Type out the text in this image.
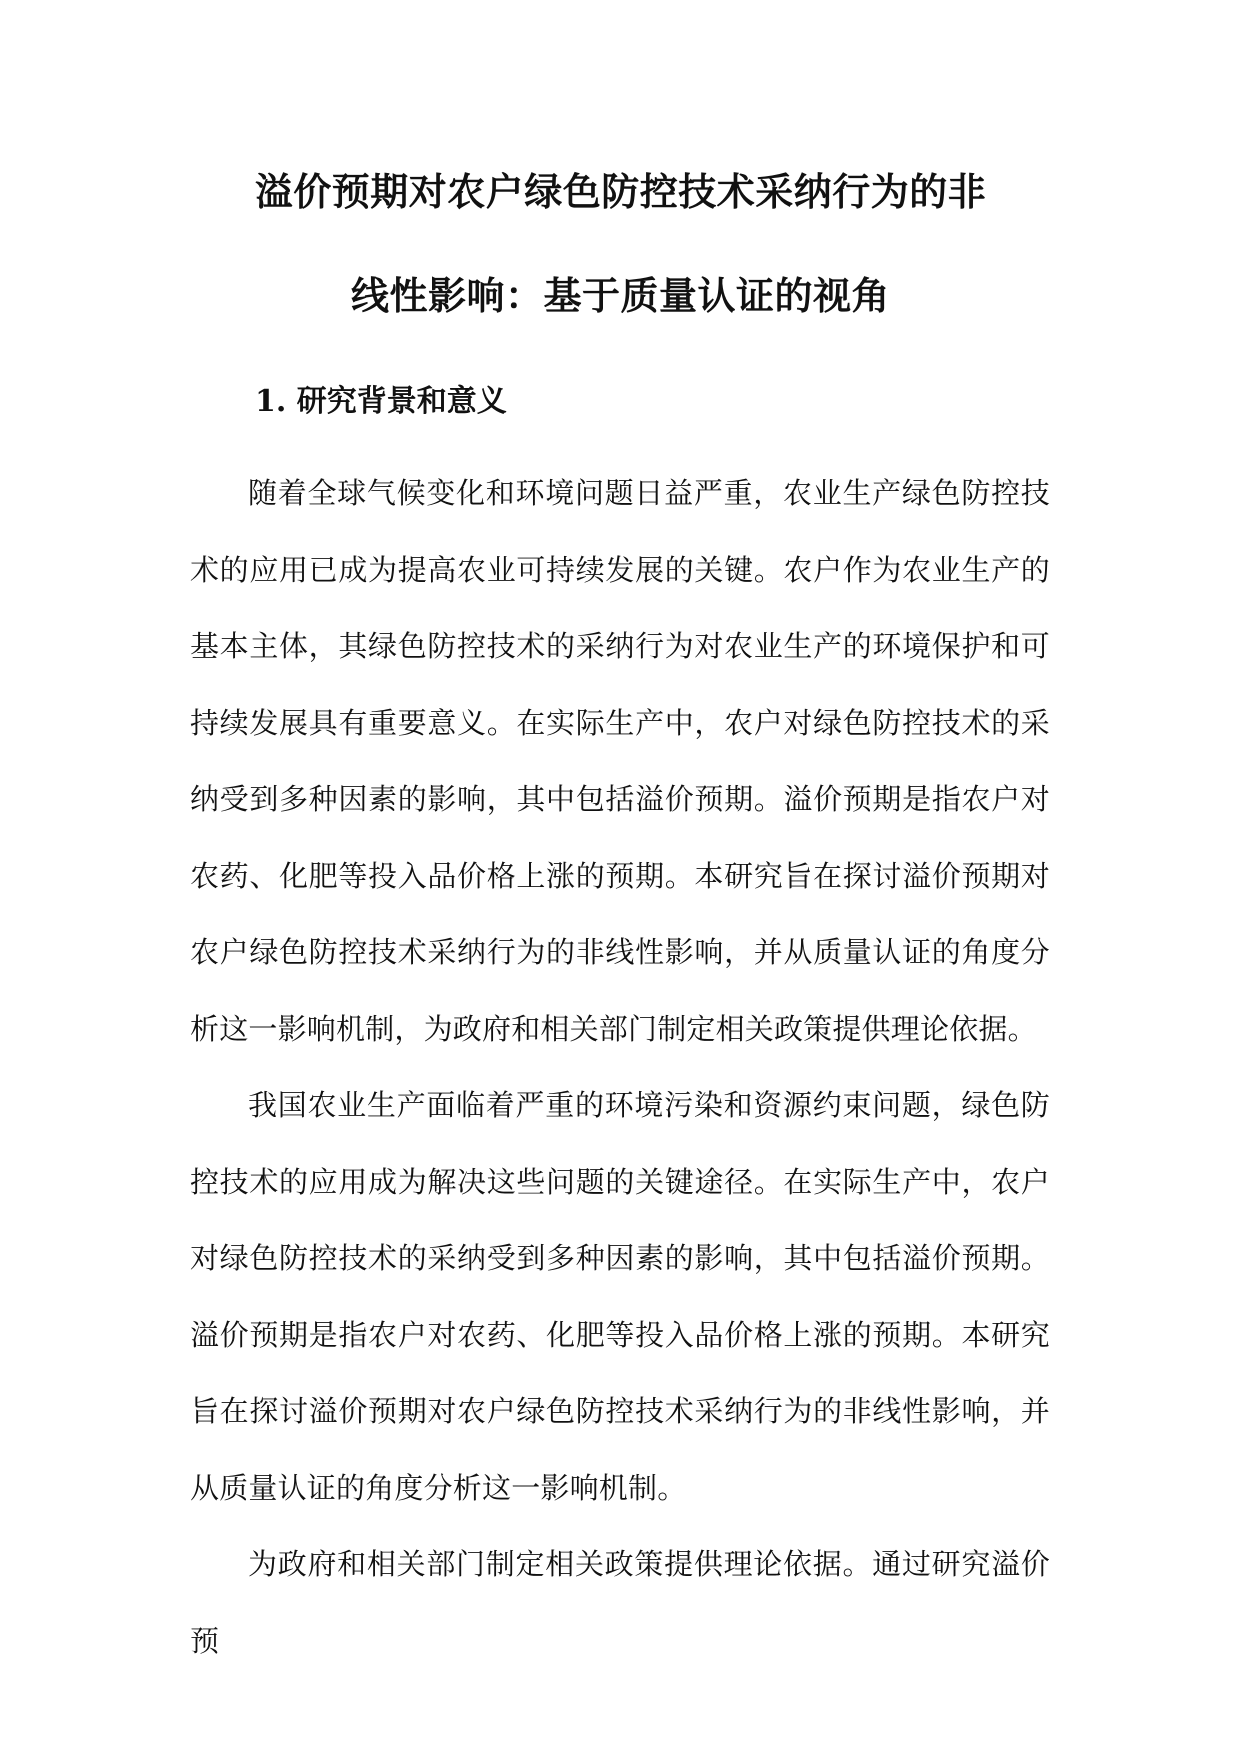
溢价预期对农户绿色防控技术采纳行为的非
线性影响：基于质量认证的视角
1. 研究背景和意义

随着全球气候变化和环境问题日益严重，农业生产绿色防控技术的应用已成为提高农业可持续发展的关键。农户作为农业生产的基本主体，其绿色防控技术的采纳行为对农业生产的环境保护和可持续发展具有重要意义。在实际生产中，农户对绿色防控技术的采纳受到多种因素的影响，其中包括溢价预期。溢价预期是指农户对农药、化肥等投入品价格上涨的预期。本研究旨在探讨溢价预期对农户绿色防控技术采纳行为的非线性影响，并从质量认证的角度分析这一影响机制，为政府和相关部门制定相关政策提供理论依据。

我国农业生产面临着严重的环境污染和资源约束问题，绿色防控技术的应用成为解决这些问题的关键途径。在实际生产中，农户对绿色防控技术的采纳受到多种因素的影响，其中包括溢价预期。溢价预期是指农户对农药、化肥等投入品价格上涨的预期。本研究旨在探讨溢价预期对农户绿色防控技术采纳行为的非线性影响，并从质量认证的角度分析这一影响机制。

为政府和相关部门制定相关政策提供理论依据。通过研究溢价预
